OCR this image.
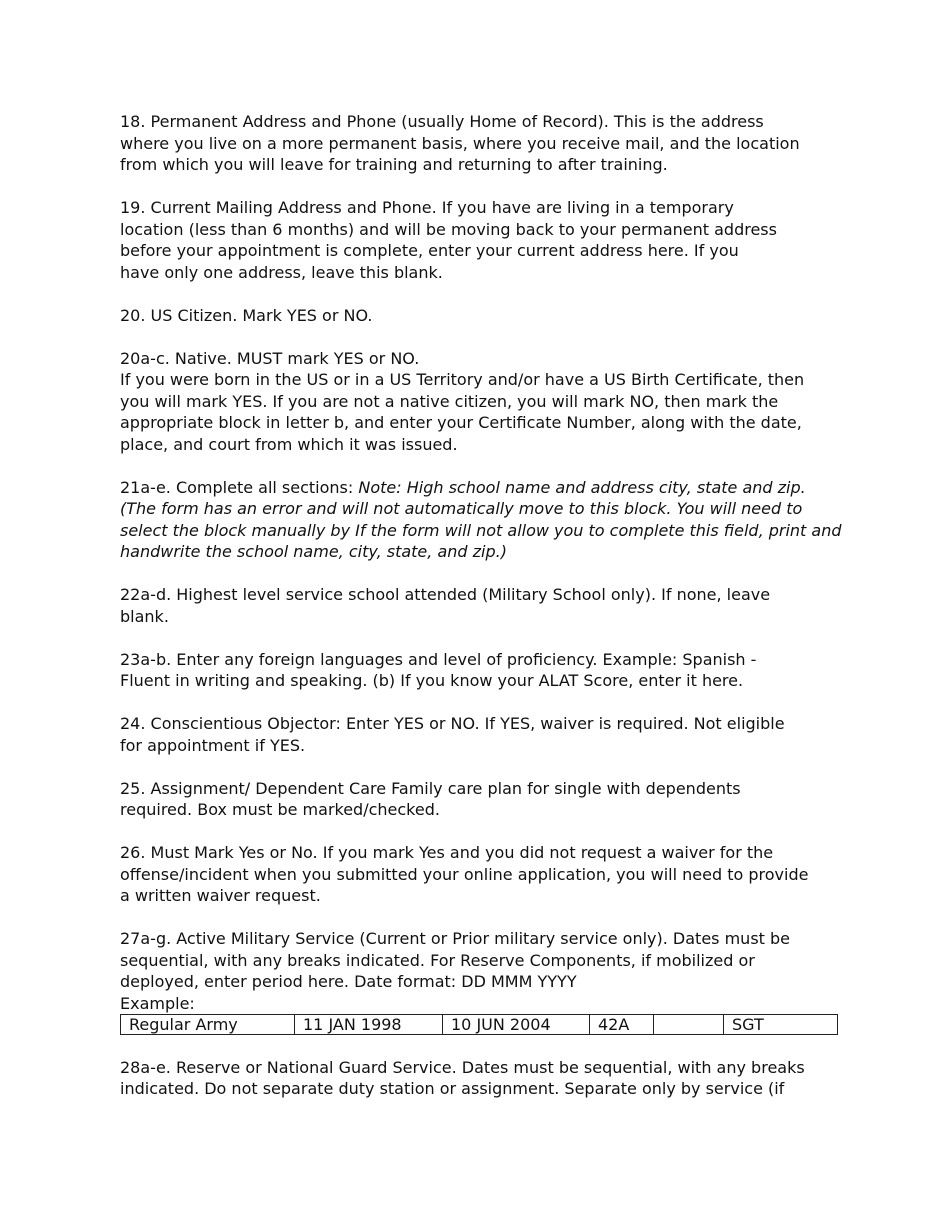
18. Permanent Address and Phone (usually Home of Record). This is the address
where you live on a more permanent basis, where you receive mail, and the location
from which you will leave for training and returning to after training.
19. Current Mailing Address and Phone. If you have are living in a temporary
location (less than 6 months) and will be moving back to your permanent address
before your appointment is complete, enter your current address here. If you
have only one address, leave this blank.
20. US Citizen. Mark YES or NO.
20a-c. Native. MUST mark YES or NO.
If you were born in the US or in a US Territory and/or have a US Birth Certificate, then
you will mark YES. If you are not a native citizen, you will mark NO, then mark the
appropriate block in letter b, and enter your Certificate Number, along with the date,
place, and court from which it was issued.
21a-e. Complete all sections: Note: High school name and address city, state and zip.
(The form has an error and will not automatically move to this block. You will need to
select the block manually by If the form will not allow you to complete this field, print and
handwrite the school name, city, state, and zip.)
22a-d. Highest level service school attended (Military School only). If none, leave
blank.
23a-b. Enter any foreign languages and level of proficiency. Example: Spanish -
Fluent in writing and speaking. (b) If you know your ALAT Score, enter it here.
24. Conscientious Objector: Enter YES or NO. If YES, waiver is required. Not eligible
for appointment if YES.
25. Assignment/ Dependent Care Family care plan for single with dependents
required. Box must be marked/checked.
26. Must Mark Yes or No. If you mark Yes and you did not request a waiver for the
offense/incident when you submitted your online application, you will need to provide
a written waiver request.
27a-g. Active Military Service (Current or Prior military service only). Dates must be
sequential, with any breaks indicated. For Reserve Components, if mobilized or
deployed, enter period here. Date format: DD MMM YYYY
Example:
Regular Army	11 JAN 1998	10 JUN 2004	42A		SGT
28a-e. Reserve or National Guard Service. Dates must be sequential, with any breaks
indicated. Do not separate duty station or assignment. Separate only by service (if
